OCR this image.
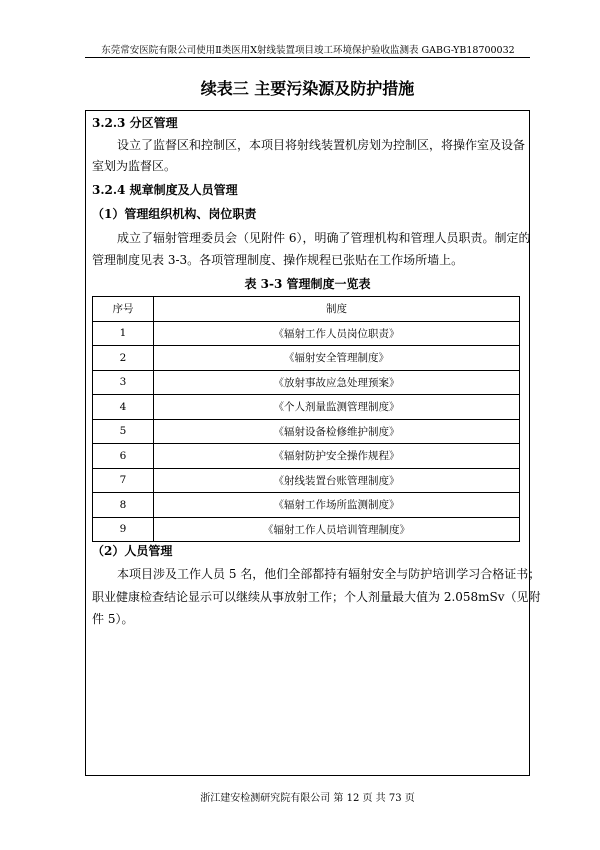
东莞常安医院有限公司使用Ⅱ类医用X射线装置项目竣工环境保护验收监测表 GABG-YB18700032
续表三 主要污染源及防护措施
3.2.3 分区管理
设立了监督区和控制区，本项目将射线装置机房划为控制区，将操作室及设备
室划为监督区。
3.2.4 规章制度及人员管理
（1）管理组织机构、岗位职责
成立了辐射管理委员会（见附件 6），明确了管理机构和管理人员职责。制定的
管理制度见表 3-3。各项管理制度、操作规程已张贴在工作场所墙上。
表 3-3 管理制度一览表
序号	制度
1	《辐射工作人员岗位职责》
2	《辐射安全管理制度》
3	《放射事故应急处理预案》
4	《个人剂量监测管理制度》
5	《辐射设备检修维护制度》
6	《辐射防护安全操作规程》
7	《射线装置台账管理制度》
8	《辐射工作场所监测制度》
9	《辐射工作人员培训管理制度》
（2）人员管理
本项目涉及工作人员 5 名，他们全部都持有辐射安全与防护培训学习合格证书；
职业健康检查结论显示可以继续从事放射工作；个人剂量最大值为 2.058mSv（见附
件 5）。
浙江建安检测研究院有限公司 第 12 页 共 73 页
